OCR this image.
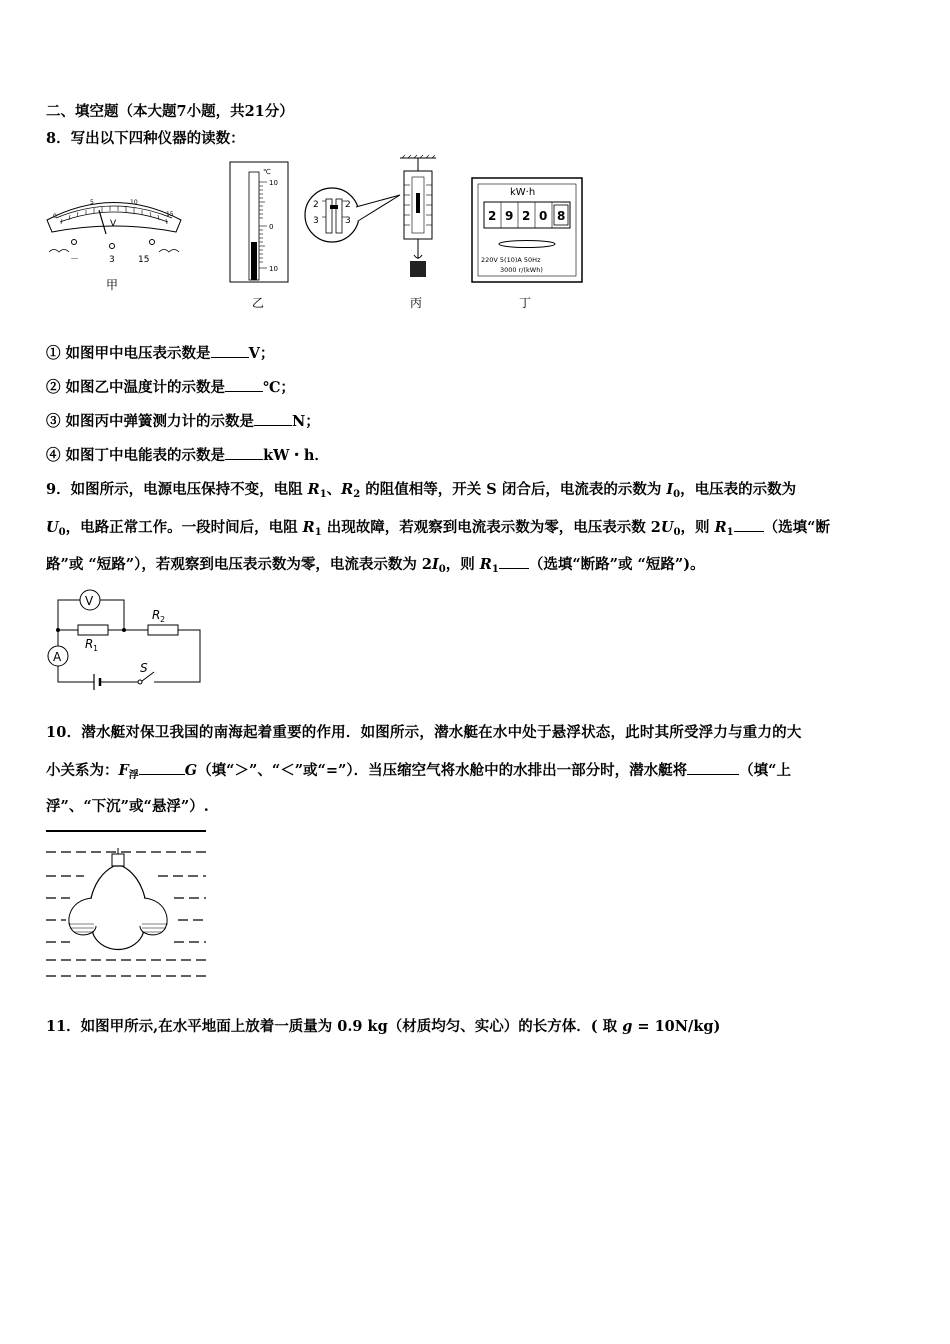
二、填空题（本大题7小题，共21分）
8．写出以下四种仪器的读数：
0
5	10
15
V
－	3	15
甲
℃
10
0
10
乙
2
3
2
3
丙
kW·h
2 9 2 0 8
220V 5(10)A 50Hz
3000 r/(kWh)
丁
① 如图甲中电压表示数是	V；
② 如图乙中温度计的示数是	℃；
③ 如图丙中弹簧测力计的示数是	N；
④ 如图丁中电能表的示数是	kW・h．
9．如图所示，电源电压保持不变，电阻 $R_1$、$R_2$ 的阻值相等，开关 S 闭合后，电流表的示数为 $I_0$，电压表的示数为
$U_0$，电路正常工作。一段时间后，电阻 $R_1$ 出现故障，若观察到电流表示数为零，电压表示数 $2U_0$，则 $R_1$ （选填“断
路”或 “短路”），若观察到电压表示数为零，电流表示数为 $2I_0$，则 $R_1$ （选填“断路”或 “短路”)。
V
A
R 1
R 2
S
10．潜水艇对保卫我国的南海起着重要的作用．如图所示，潜水艇在水中处于悬浮状态，此时其所受浮力与重力的大
小关系为：$F_浮$	G（填“＞”、“＜”或“=”）．当压缩空气将水舱中的水排出一部分时，潜水艇将	（填“上
浮”、“下沉”或“悬浮”）.
11．如图甲所示,在水平地面上放着一质量为 0.9 kg（材质均匀、实心）的长方体．( 取 g = 10N/kg)
